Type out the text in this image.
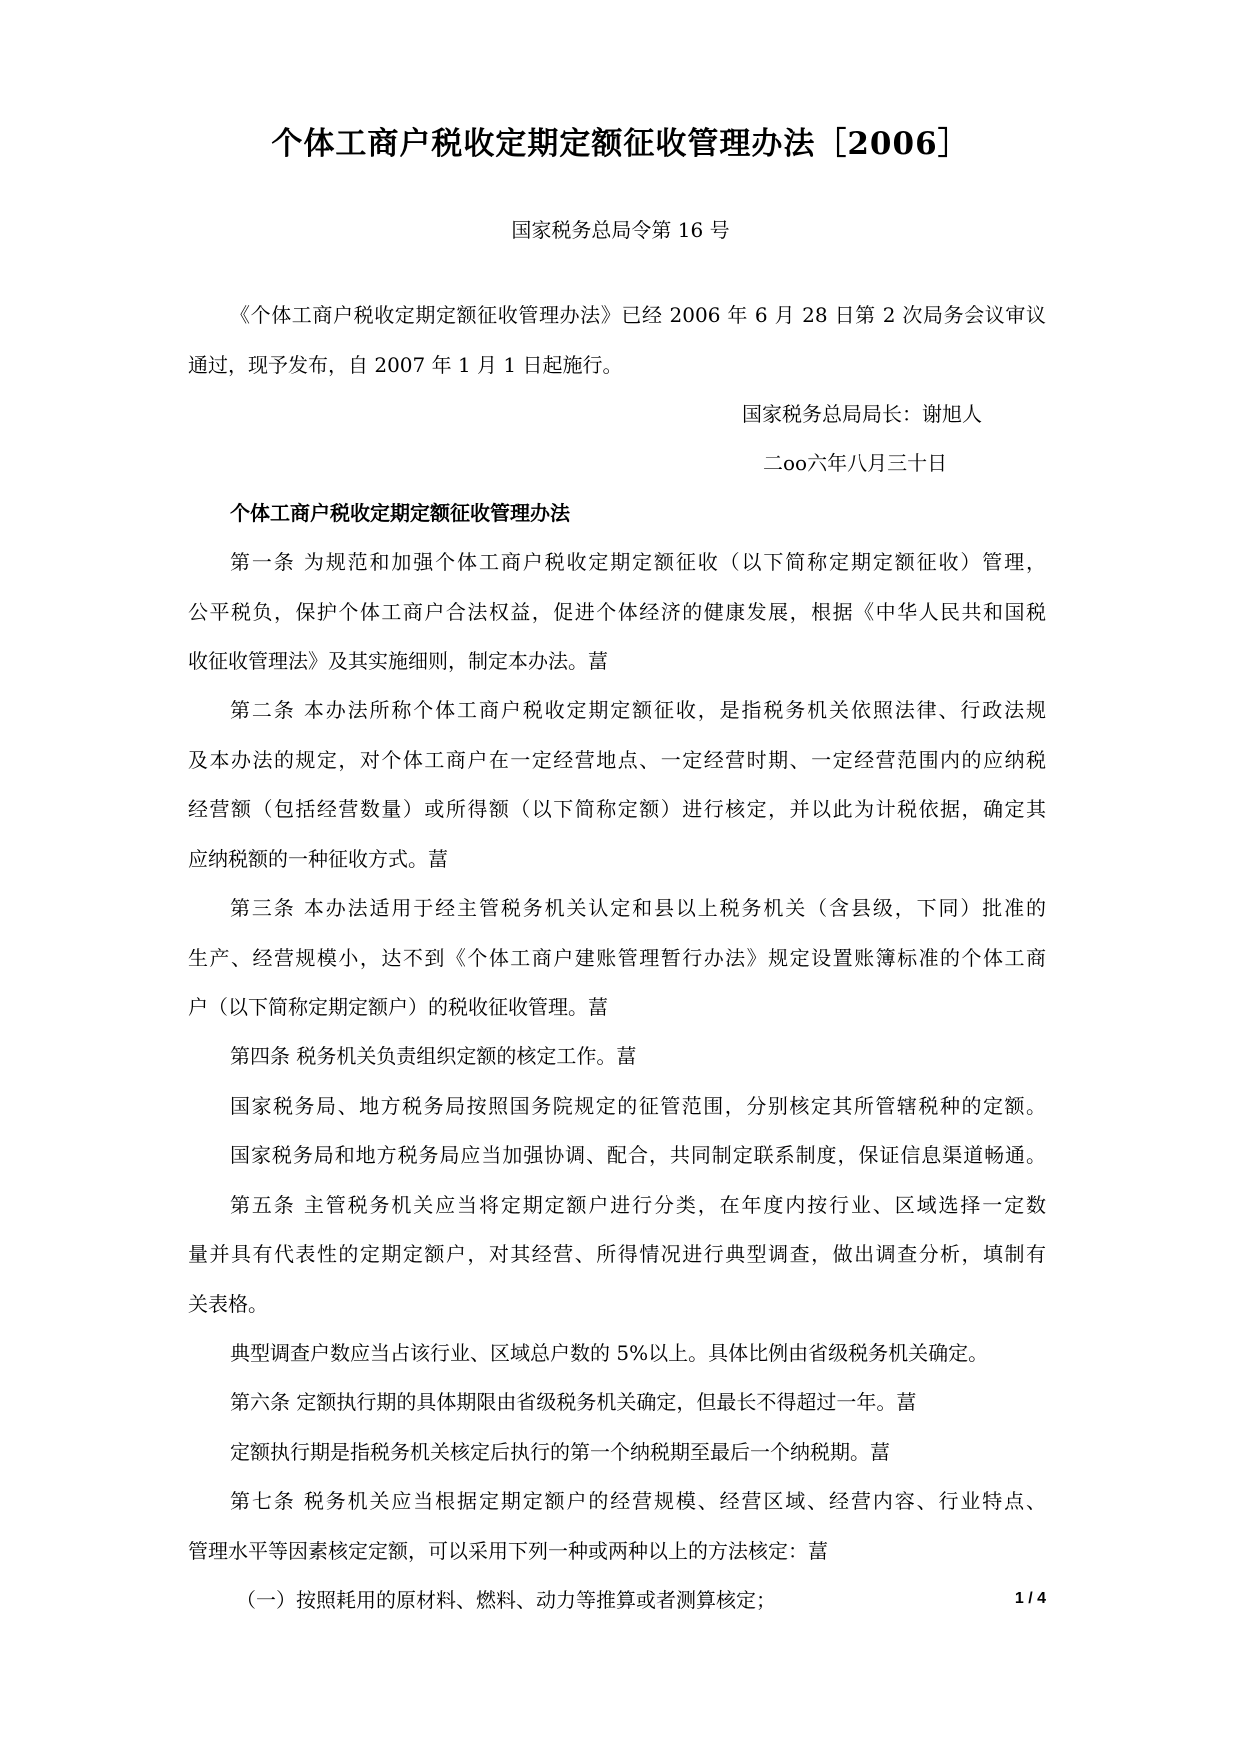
个体工商户税收定期定额征收管理办法［2006］
国家税务总局令第 16 号
《个体工商户税收定期定额征收管理办法》已经 2006 年 6 月 28 日第 2 次局务会议审议
通过，现予发布，自 2007 年 1 月 1 日起施行。
国家税务总局局长：谢旭人
二oo六年八月三十日
个体工商户税收定期定额征收管理办法
第一条 为规范和加强个体工商户税收定期定额征收（以下简称定期定额征收）管理，
公平税负，保护个体工商户合法权益，促进个体经济的健康发展，根据《中华人民共和国税
收征收管理法》及其实施细则，制定本办法。葍
第二条 本办法所称个体工商户税收定期定额征收，是指税务机关依照法律、行政法规
及本办法的规定，对个体工商户在一定经营地点、一定经营时期、一定经营范围内的应纳税
经营额（包括经营数量）或所得额（以下简称定额）进行核定，并以此为计税依据，确定其
应纳税额的一种征收方式。葍
第三条 本办法适用于经主管税务机关认定和县以上税务机关（含县级，下同）批准的
生产、经营规模小，达不到《个体工商户建账管理暂行办法》规定设置账簿标准的个体工商
户（以下简称定期定额户）的税收征收管理。葍
第四条 税务机关负责组织定额的核定工作。葍
国家税务局、地方税务局按照国务院规定的征管范围，分别核定其所管辖税种的定额。
国家税务局和地方税务局应当加强协调、配合，共同制定联系制度，保证信息渠道畅通。
第五条 主管税务机关应当将定期定额户进行分类，在年度内按行业、区域选择一定数
量并具有代表性的定期定额户，对其经营、所得情况进行典型调查，做出调查分析，填制有
关表格。
典型调查户数应当占该行业、区域总户数的 5%以上。具体比例由省级税务机关确定。
第六条 定额执行期的具体期限由省级税务机关确定，但最长不得超过一年。葍
定额执行期是指税务机关核定后执行的第一个纳税期至最后一个纳税期。葍
第七条 税务机关应当根据定期定额户的经营规模、经营区域、经营内容、行业特点、
管理水平等因素核定定额，可以采用下列一种或两种以上的方法核定：葍
（一）按照耗用的原材料、燃料、动力等推算或者测算核定；	1 / 4
